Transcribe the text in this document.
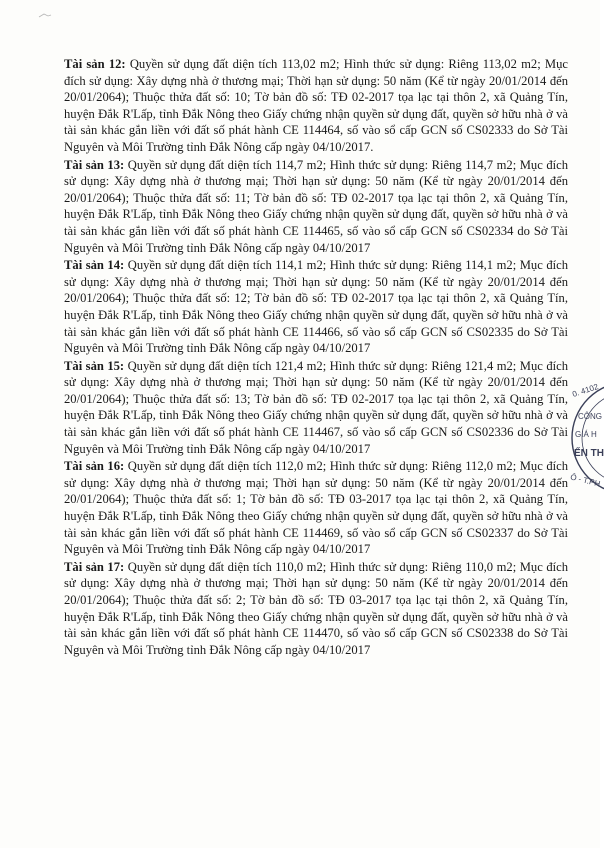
Tài sản 12: Quyền sử dụng đất diện tích 113,02 m2; Hình thức sử dụng: Riêng 113,02 m2; Mục đích sử dụng: Xây dựng nhà ở thương mại; Thời hạn sử dụng: 50 năm (Kể từ ngày 20/01/2014 đến 20/01/2064); Thuộc thửa đất số: 10; Tờ bản đồ số: TĐ 02-2017 tọa lạc tại thôn 2, xã Quảng Tín, huyện Đắk R'Lấp, tỉnh Đắk Nông theo Giấy chứng nhận quyền sử dụng đất, quyền sở hữu nhà ở và tài sản khác gắn liền với đất số phát hành CE 114464, số vào sổ cấp GCN số CS02333 do Sở Tài Nguyên và Môi Trường tỉnh Đắk Nông cấp ngày 04/10/2017.

Tài sản 13: Quyền sử dụng đất diện tích 114,7 m2; Hình thức sử dụng: Riêng 114,7 m2; Mục đích sử dụng: Xây dựng nhà ở thương mại; Thời hạn sử dụng: 50 năm (Kể từ ngày 20/01/2014 đến 20/01/2064); Thuộc thửa đất số: 11; Tờ bản đồ số: TĐ 02-2017 tọa lạc tại thôn 2, xã Quảng Tín, huyện Đắk R'Lấp, tỉnh Đắk Nông theo Giấy chứng nhận quyền sử dụng đất, quyền sở hữu nhà ở và tài sản khác gắn liền với đất số phát hành CE 114465, số vào sổ cấp GCN số CS02334 do Sở Tài Nguyên và Môi Trường tỉnh Đắk Nông cấp ngày 04/10/2017

Tài sản 14: Quyền sử dụng đất diện tích 114,1 m2; Hình thức sử dụng: Riêng 114,1 m2; Mục đích sử dụng: Xây dựng nhà ở thương mại; Thời hạn sử dụng: 50 năm (Kể từ ngày 20/01/2014 đến 20/01/2064); Thuộc thửa đất số: 12; Tờ bản đồ số: TĐ 02-2017 tọa lạc tại thôn 2, xã Quảng Tín, huyện Đắk R'Lấp, tỉnh Đắk Nông theo Giấy chứng nhận quyền sử dụng đất, quyền sở hữu nhà ở và tài sản khác gắn liền với đất số phát hành CE 114466, số vào sổ cấp GCN số CS02335 do Sở Tài Nguyên và Môi Trường tỉnh Đắk Nông cấp ngày 04/10/2017

Tài sản 15: Quyền sử dụng đất diện tích 121,4 m2; Hình thức sử dụng: Riêng 121,4 m2; Mục đích sử dụng: Xây dựng nhà ở thương mại; Thời hạn sử dụng: 50 năm (Kể từ ngày 20/01/2014 đến 20/01/2064); Thuộc thửa đất số: 13; Tờ bản đồ số: TĐ 02-2017 tọa lạc tại thôn 2, xã Quảng Tín, huyện Đắk R'Lấp, tỉnh Đắk Nông theo Giấy chứng nhận quyền sử dụng đất, quyền sở hữu nhà ở và tài sản khác gắn liền với đất số phát hành CE 114467, số vào sổ cấp GCN số CS02336 do Sở Tài Nguyên và Môi Trường tỉnh Đắk Nông cấp ngày 04/10/2017

Tài sản 16: Quyền sử dụng đất diện tích 112,0 m2; Hình thức sử dụng: Riêng 112,0 m2; Mục đích sử dụng: Xây dựng nhà ở thương mại; Thời hạn sử dụng: 50 năm (Kể từ ngày 20/01/2014 đến 20/01/2064); Thuộc thửa đất số: 1; Tờ bản đồ số: TĐ 03-2017 tọa lạc tại thôn 2, xã Quảng Tín, huyện Đắk R'Lấp, tỉnh Đắk Nông theo Giấy chứng nhận quyền sử dụng đất, quyền sở hữu nhà ở và tài sản khác gắn liền với đất số phát hành CE 114469, số vào sổ cấp GCN số CS02337 do Sở Tài Nguyên và Môi Trường tỉnh Đắk Nông cấp ngày 04/10/2017

Tài sản 17: Quyền sử dụng đất diện tích 110,0 m2; Hình thức sử dụng: Riêng 110,0 m2; Mục đích sử dụng: Xây dựng nhà ở thương mại; Thời hạn sử dụng: 50 năm (Kể từ ngày 20/01/2014 đến 20/01/2064); Thuộc thửa đất số: 2; Tờ bản đồ số: TĐ 03-2017 tọa lạc tại thôn 2, xã Quảng Tín, huyện Đắk R'Lấp, tỉnh Đắk Nông theo Giấy chứng nhận quyền sử dụng đất, quyền sở hữu nhà ở và tài sản khác gắn liền với đất số phát hành CE 114470, số vào sổ cấp GCN số CS02338 do Sở Tài Nguyên và Môi Trường tỉnh Đắk Nông cấp ngày 04/10/2017

0. 4102
CÔNG
GIÁ H
ẾN TH
Ô - T.PH
